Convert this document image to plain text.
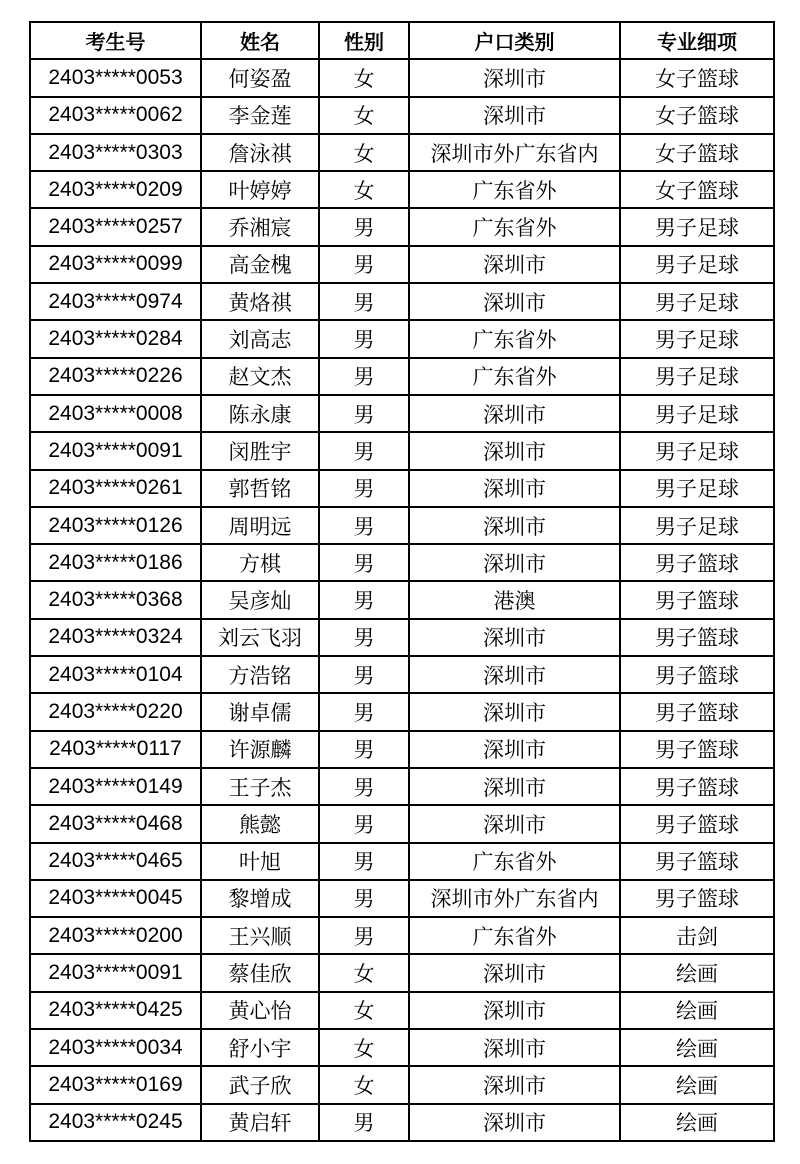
考生号	姓名	性别	户口类别	专业细项
2403*****0053	何姿盈	女	深圳市	女子篮球
2403*****0062	李金莲	女	深圳市	女子篮球
2403*****0303	詹泳祺	女	深圳市外广东省内	女子篮球
2403*****0209	叶婷婷	女	广东省外	女子篮球
2403*****0257	乔湘宸	男	广东省外	男子足球
2403*****0099	高金槐	男	深圳市	男子足球
2403*****0974	黄烙祺	男	深圳市	男子足球
2403*****0284	刘高志	男	广东省外	男子足球
2403*****0226	赵文杰	男	广东省外	男子足球
2403*****0008	陈永康	男	深圳市	男子足球
2403*****0091	闵胜宇	男	深圳市	男子足球
2403*****0261	郭哲铭	男	深圳市	男子足球
2403*****0126	周明远	男	深圳市	男子足球
2403*****0186	方棋	男	深圳市	男子篮球
2403*****0368	吴彦灿	男	港澳	男子篮球
2403*****0324	刘云飞羽	男	深圳市	男子篮球
2403*****0104	方浩铭	男	深圳市	男子篮球
2403*****0220	谢卓儒	男	深圳市	男子篮球
2403*****0117	许源麟	男	深圳市	男子篮球
2403*****0149	王子杰	男	深圳市	男子篮球
2403*****0468	熊懿	男	深圳市	男子篮球
2403*****0465	叶旭	男	广东省外	男子篮球
2403*****0045	黎增成	男	深圳市外广东省内	男子篮球
2403*****0200	王兴顺	男	广东省外	击剑
2403*****0091	蔡佳欣	女	深圳市	绘画
2403*****0425	黄心怡	女	深圳市	绘画
2403*****0034	舒小宇	女	深圳市	绘画
2403*****0169	武子欣	女	深圳市	绘画
2403*****0245	黄启轩	男	深圳市	绘画
